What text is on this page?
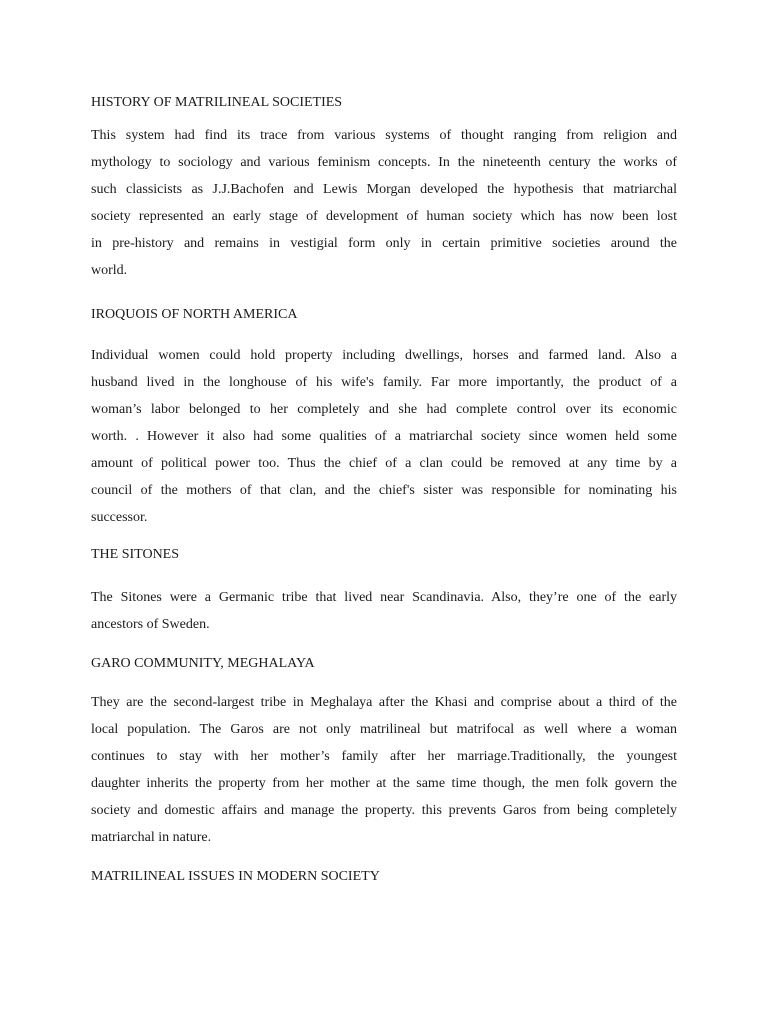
HISTORY OF MATRILINEAL SOCIETIES
This system had find its trace from various systems of thought ranging from religion and
mythology to sociology and various feminism concepts. In the nineteenth century the works of
such classicists as J.J.Bachofen and Lewis Morgan developed the hypothesis that matriarchal
society represented an early stage of development of human society which has now been lost
in pre-history and remains in vestigial form only in certain primitive societies around the
world.
IROQUOIS OF NORTH AMERICA
Individual women could hold property including dwellings, horses and farmed land. Also a
husband lived in the longhouse of his wife's family. Far more importantly, the product of a
woman’s labor belonged to her completely and she had complete control over its economic
worth. . However it also had some qualities of a matriarchal society since women held some
amount of political power too. Thus the chief of a clan could be removed at any time by a
council of the mothers of that clan, and the chief's sister was responsible for nominating his
successor.
THE SITONES
The Sitones were a Germanic tribe that lived near Scandinavia. Also, they’re one of the early
ancestors of Sweden.
GARO COMMUNITY, MEGHALAYA
They are the second-largest tribe in Meghalaya after the Khasi and comprise about a third of the
local population. The Garos are not only matrilineal but matrifocal as well where a woman
continues to stay with her mother’s family after her marriage.Traditionally, the youngest
daughter inherits the property from her mother at the same time though, the men folk govern the
society and domestic affairs and manage the property. this prevents Garos from being completely
matriarchal in nature.
MATRILINEAL ISSUES IN MODERN SOCIETY
